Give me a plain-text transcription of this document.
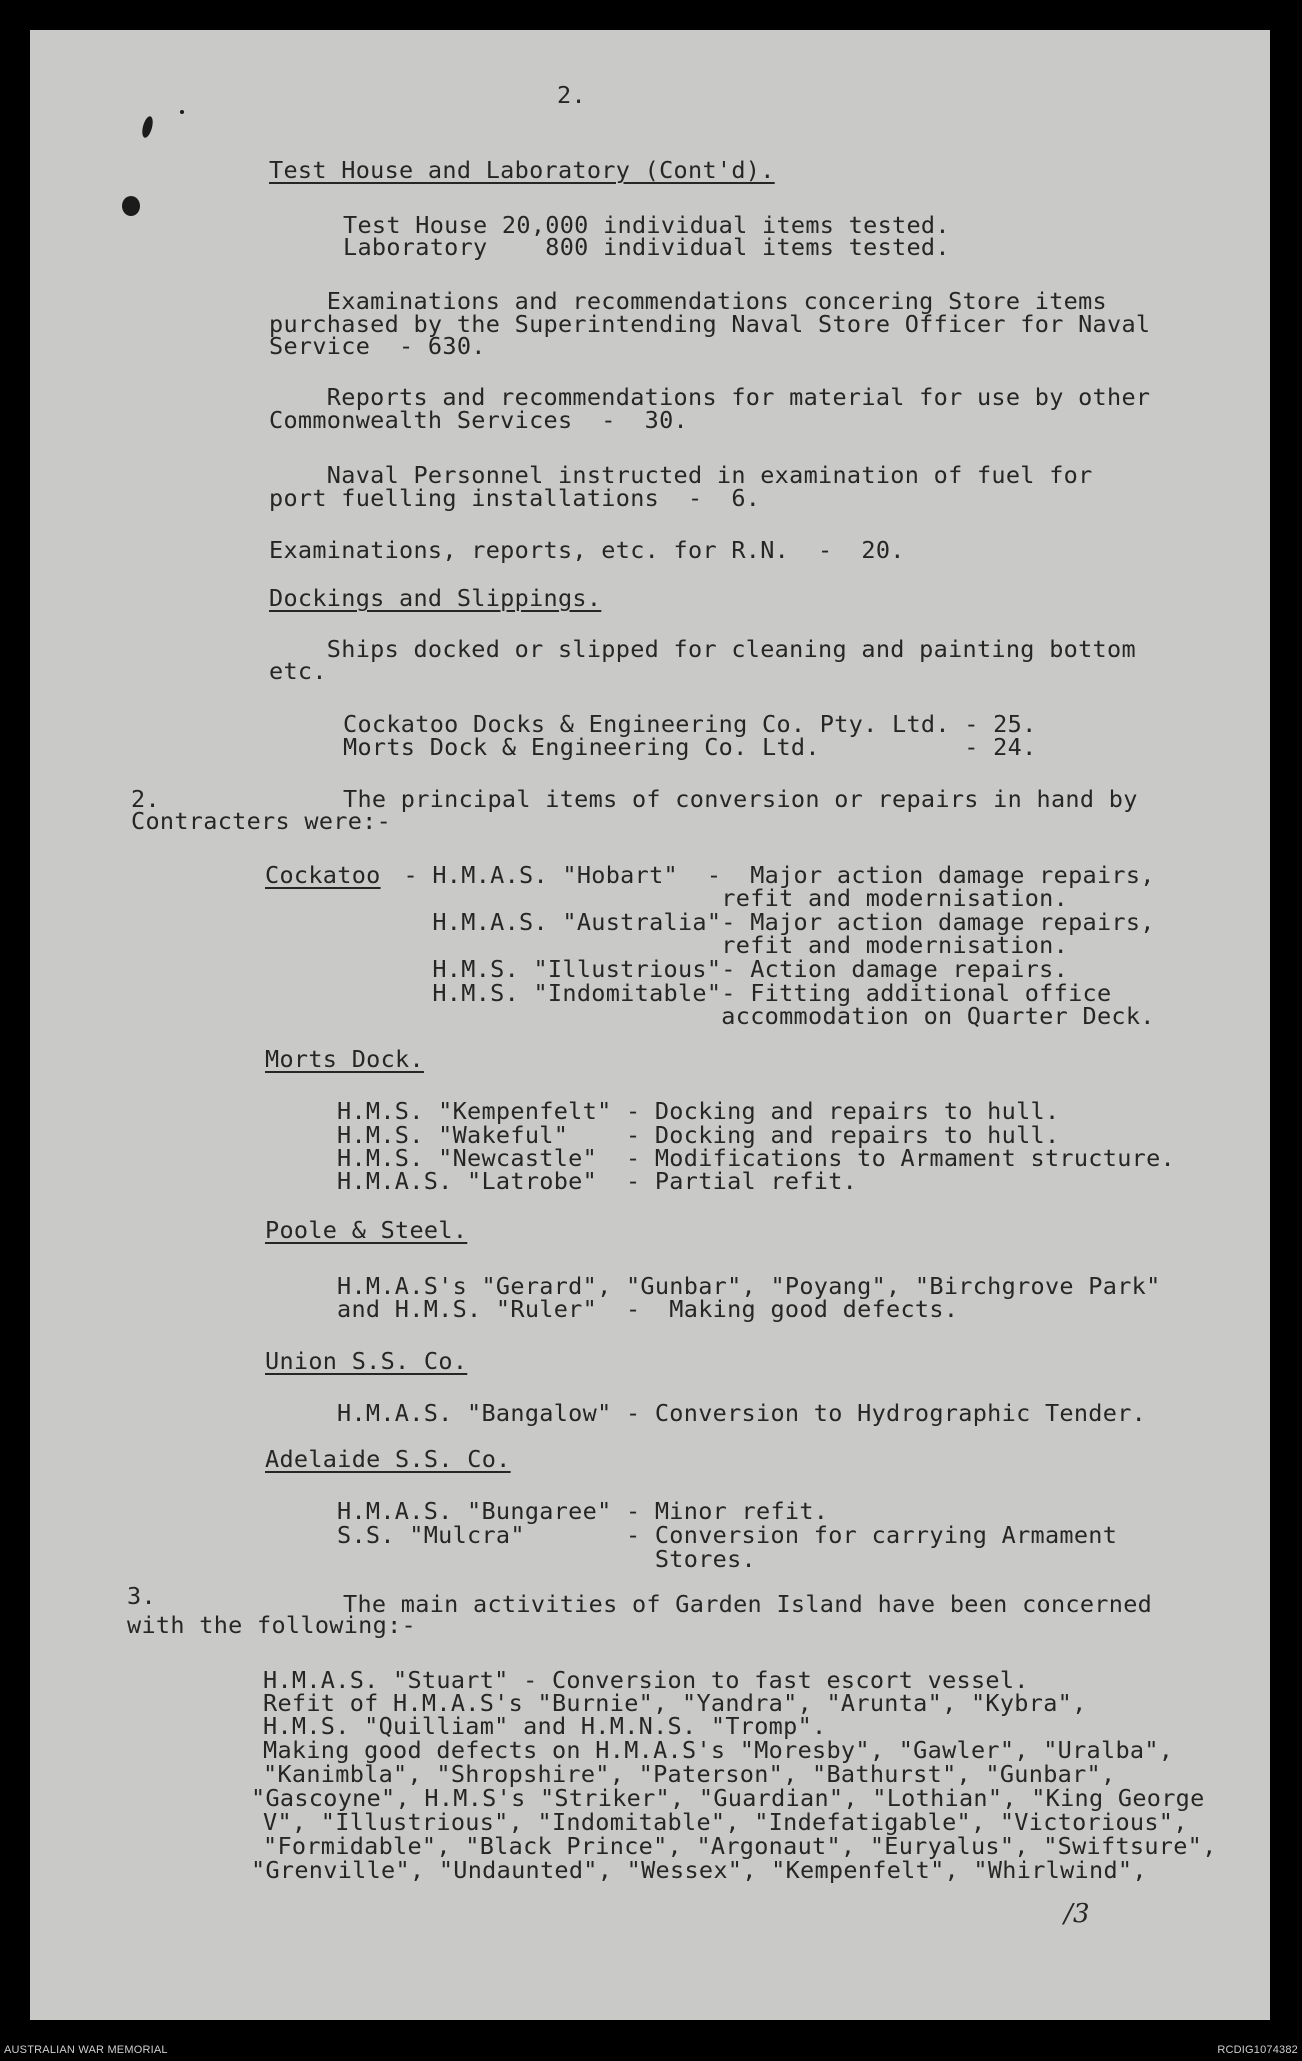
2.
Test House and Laboratory (Cont'd).
Test House 20,000 individual items tested.
Laboratory    800 individual items tested.
Examinations and recommendations concering Store items
purchased by the Superintending Naval Store Officer for Naval
Service  - 630.
Reports and recommendations for material for use by other
Commonwealth Services  -  30.
Naval Personnel instructed in examination of fuel for
port fuelling installations  -  6.
Examinations, reports, etc. for R.N.  -  20.
Dockings and Slippings.
Ships docked or slipped for cleaning and painting bottom
etc.
Cockatoo Docks & Engineering Co. Pty. Ltd. - 25.
Morts Dock & Engineering Co. Ltd.          - 24.
2.	The principal items of conversion or repairs in hand by
Contracters were:-
Cockatoo - H.M.A.S. "Hobart"  -  Major action damage repairs,
refit and modernisation.
H.M.A.S. "Australia"- Major action damage repairs,
refit and modernisation.
H.M.S. "Illustrious"- Action damage repairs.
H.M.S. "Indomitable"- Fitting additional office
accommodation on Quarter Deck.
Morts Dock.
H.M.S. "Kempenfelt" - Docking and repairs to hull.
H.M.S. "Wakeful"    - Docking and repairs to hull.
H.M.S. "Newcastle"  - Modifications to Armament structure.
H.M.A.S. "Latrobe"  - Partial refit.
Poole & Steel.
H.M.A.S's "Gerard", "Gunbar", "Poyang", "Birchgrove Park"
and H.M.S. "Ruler"  -  Making good defects.
Union S.S. Co.
H.M.A.S. "Bangalow" - Conversion to Hydrographic Tender.
Adelaide S.S. Co.
H.M.A.S. "Bungaree" - Minor refit.
S.S. "Mulcra"       - Conversion for carrying Armament
Stores.
3.	The main activities of Garden Island have been concerned
with the following:-
H.M.A.S. "Stuart" - Conversion to fast escort vessel.
Refit of H.M.A.S's "Burnie", "Yandra", "Arunta", "Kybra",
H.M.S. "Quilliam" and H.M.N.S. "Tromp".
Making good defects on H.M.A.S's "Moresby", "Gawler", "Uralba",
"Kanimbla", "Shropshire", "Paterson", "Bathurst", "Gunbar",
"Gascoyne", H.M.S's "Striker", "Guardian", "Lothian", "King George
V", "Illustrious", "Indomitable", "Indefatigable", "Victorious",
"Formidable", "Black Prince", "Argonaut", "Euryalus", "Swiftsure",
"Grenville", "Undaunted", "Wessex", "Kempenfelt", "Whirlwind",
/3
AUSTRALIAN WAR MEMORIAL	RCDIG1074382
